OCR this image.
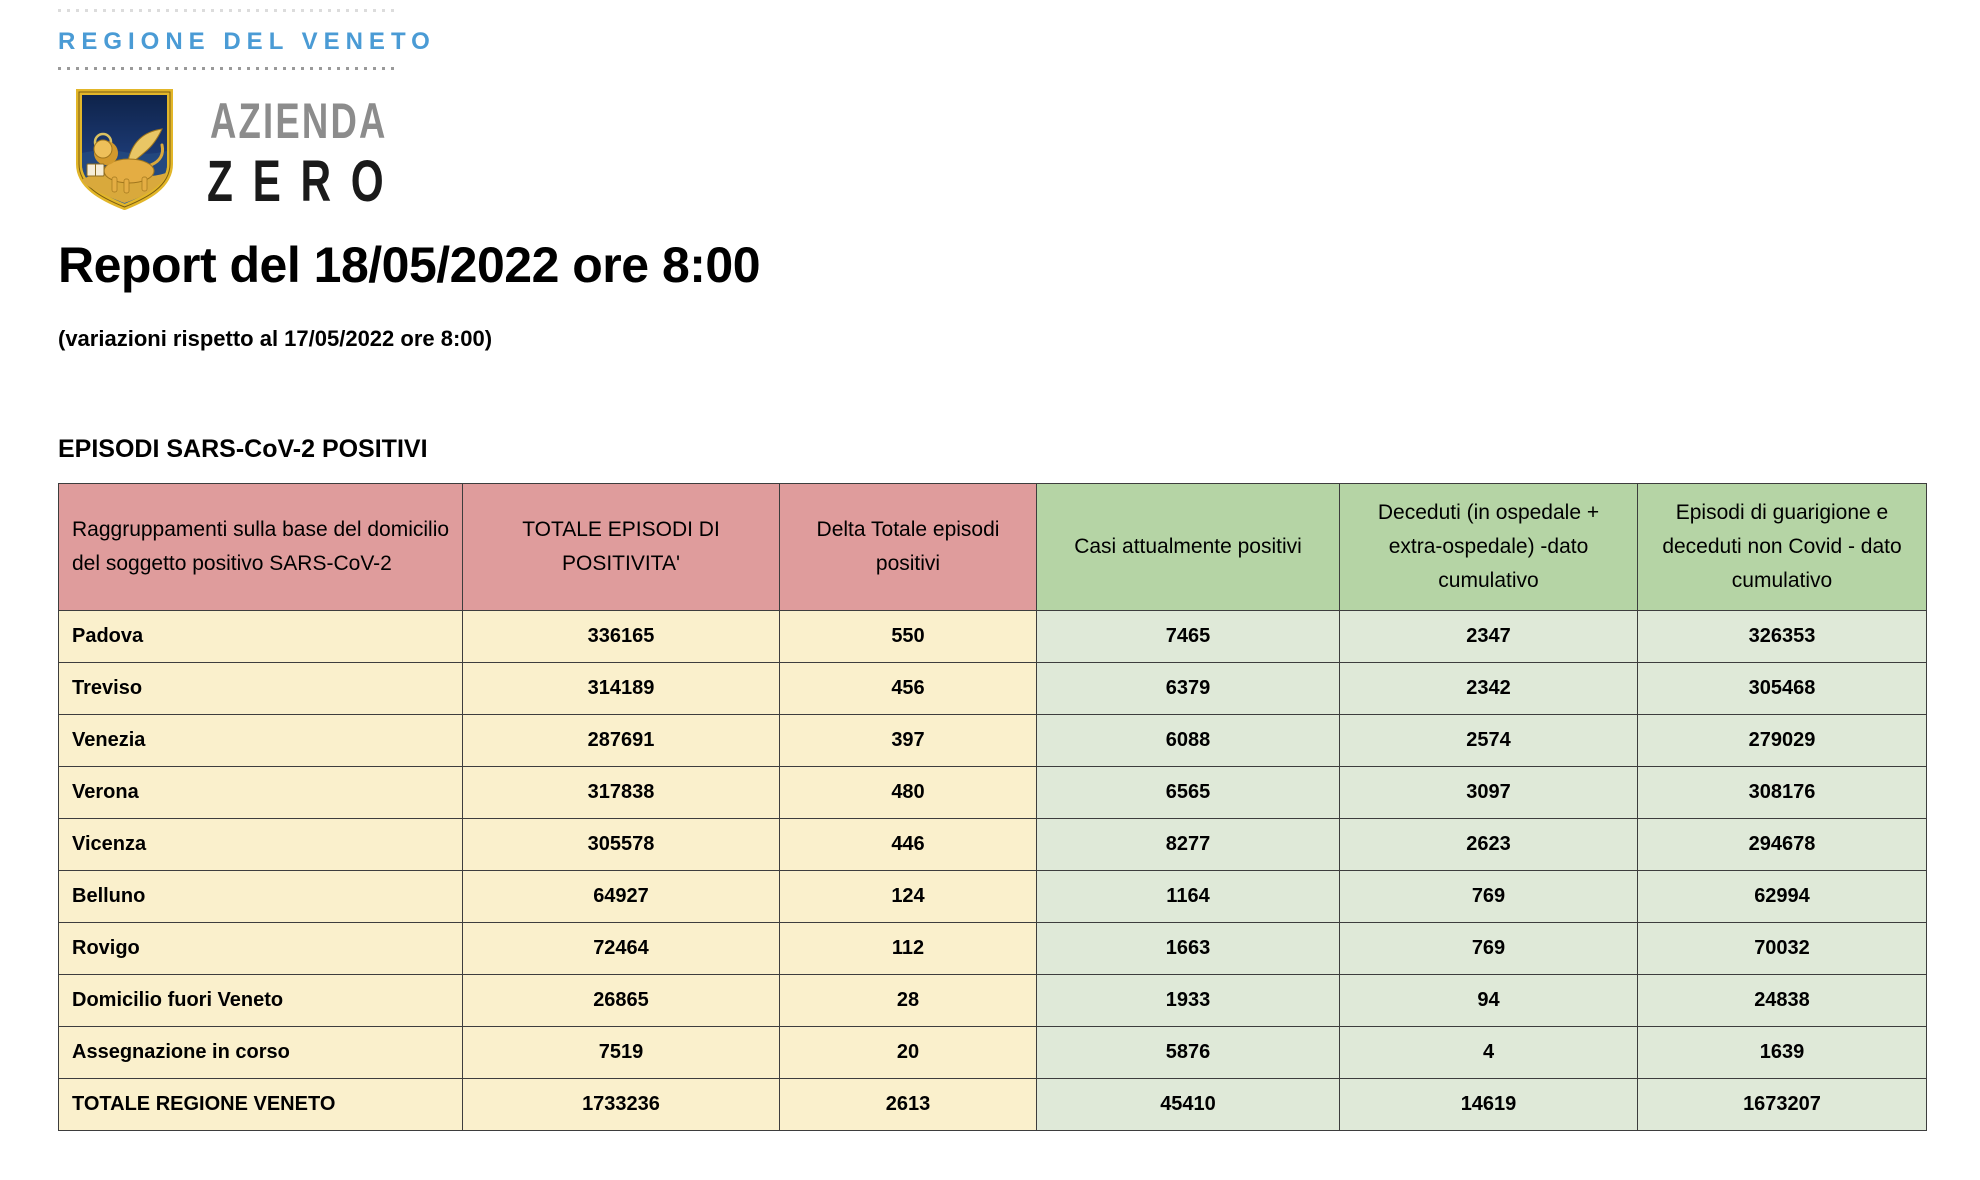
REGIONE DEL VENETO
AZIENDA
ZERO
Report del 18/05/2022 ore 8:00

(variazioni rispetto al 17/05/2022 ore 8:00)

EPISODI SARS-CoV-2 POSITIVI
Raggruppamenti sulla base del domicilio del soggetto positivo SARS-CoV-2	TOTALE EPISODI DI POSITIVITA'	Delta Totale episodi positivi	Casi attualmente positivi	Deceduti (in ospedale + extra-ospedale) -dato cumulativo	Episodi di guarigione e deceduti non Covid - dato cumulativo
Padova	336165	550	7465	2347	326353
Treviso	314189	456	6379	2342	305468
Venezia	287691	397	6088	2574	279029
Verona	317838	480	6565	3097	308176
Vicenza	305578	446	8277	2623	294678
Belluno	64927	124	1164	769	62994
Rovigo	72464	112	1663	769	70032
Domicilio fuori Veneto	26865	28	1933	94	24838
Assegnazione in corso	7519	20	5876	4	1639
TOTALE REGIONE VENETO	1733236	2613	45410	14619	1673207
